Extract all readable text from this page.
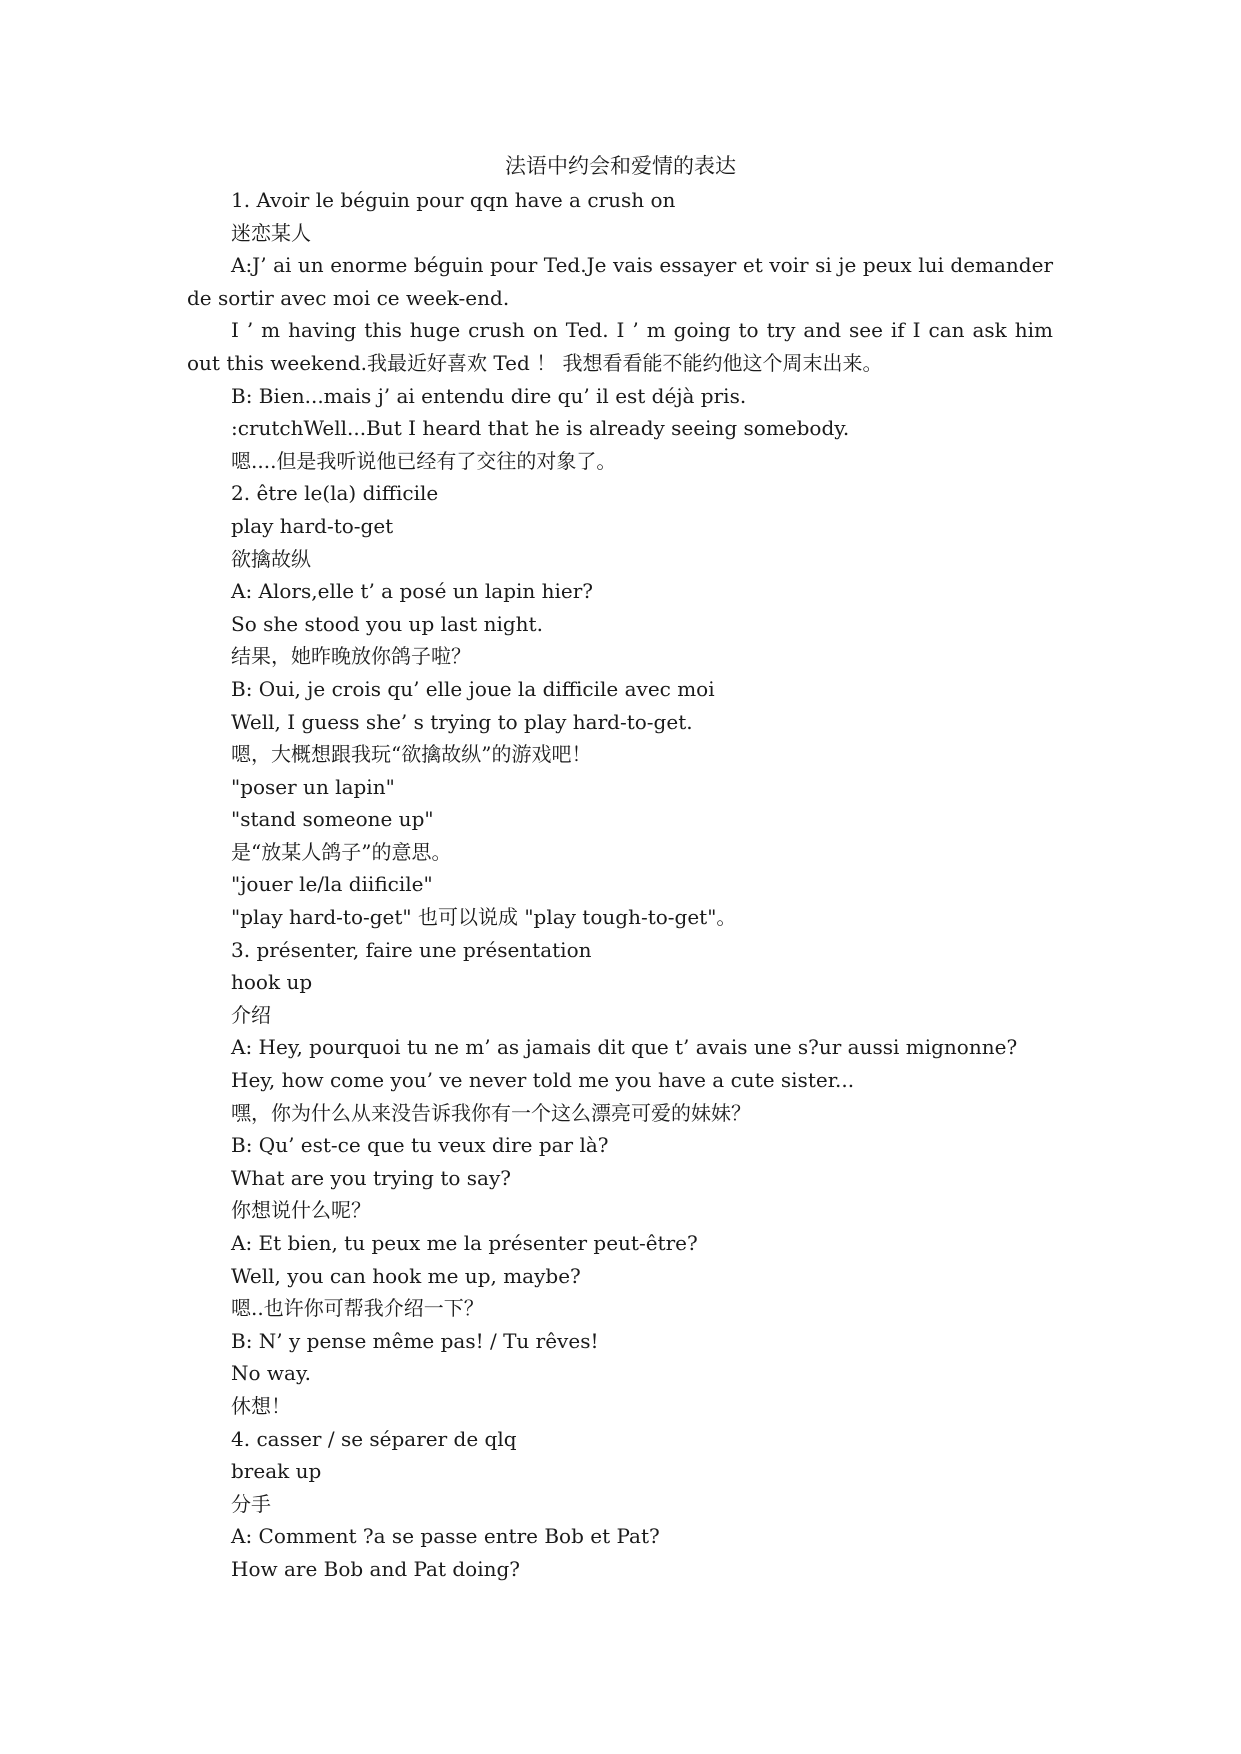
法语中约会和爱情的表达

1. Avoir le béguin pour qqn have a crush on

迷恋某人

A:J’ ai un enorme béguin pour Ted.Je vais essayer et voir si je peux lui demander de sortir avec moi ce week-end.

I ’ m having this huge crush on Ted. I ’ m going to try and see if I can ask him out this weekend.我最近好喜欢 Ted ！ 我想看看能不能约他这个周末出来。

B: Bien...mais j’ ai entendu dire qu’ il est déjà pris.

:crutchWell...But I heard that he is already seeing somebody.

嗯....但是我听说他已经有了交往的对象了。

2. être le(la) difficile

play hard-to-get

欲擒故纵

A: Alors,elle t’ a posé un lapin hier?

So she stood you up last night.

结果，她昨晚放你鸽子啦？

B: Oui, je crois qu’ elle joue la difficile avec moi

Well, I guess she’ s trying to play hard-to-get.

嗯，大概想跟我玩“欲擒故纵”的游戏吧！

"poser un lapin"

"stand someone up"

是“放某人鸽子”的意思。

"jouer le/la diificile"

"play hard-to-get" 也可以说成 "play tough-to-get"。

3. présenter, faire une présentation

hook up

介绍

A: Hey, pourquoi tu ne m’ as jamais dit que t’ avais une s?ur aussi mignonne?

Hey, how come you’ ve never told me you have a cute sister...

嘿，你为什么从来没告诉我你有一个这么漂亮可爱的妹妹？

B: Qu’ est-ce que tu veux dire par là?

What are you trying to say?

你想说什么呢？

A: Et bien, tu peux me la présenter peut-être?

Well, you can hook me up, maybe?

嗯..也许你可帮我介绍一下？

B: N’ y pense même pas! / Tu rêves!

No way.

休想！

4. casser / se séparer de qlq

break up

分手

A: Comment ?a se passe entre Bob et Pat?

How are Bob and Pat doing?
